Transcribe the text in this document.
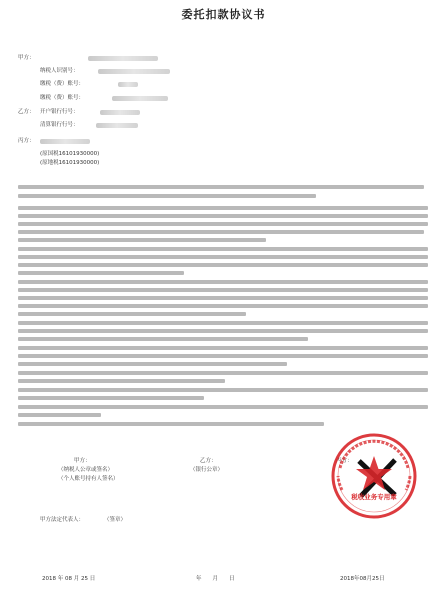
委托扣款协议书
甲方：
纳税人识别号：
缴税（费）账号：
缴税（费）账号：
乙方： 开户银行行号：
清算银行行号：
丙方：
(原国税16101930000)
(原地税16101930000)
甲方：
（纳税人公章或签名）
（个人账号持有人签名）
乙方：
（银行公章）
丙方：
甲方法定代表人：	（签章）
2018 年 08 月 25 日	年　　月　　日	2018年08月25日
税收业务专用章
